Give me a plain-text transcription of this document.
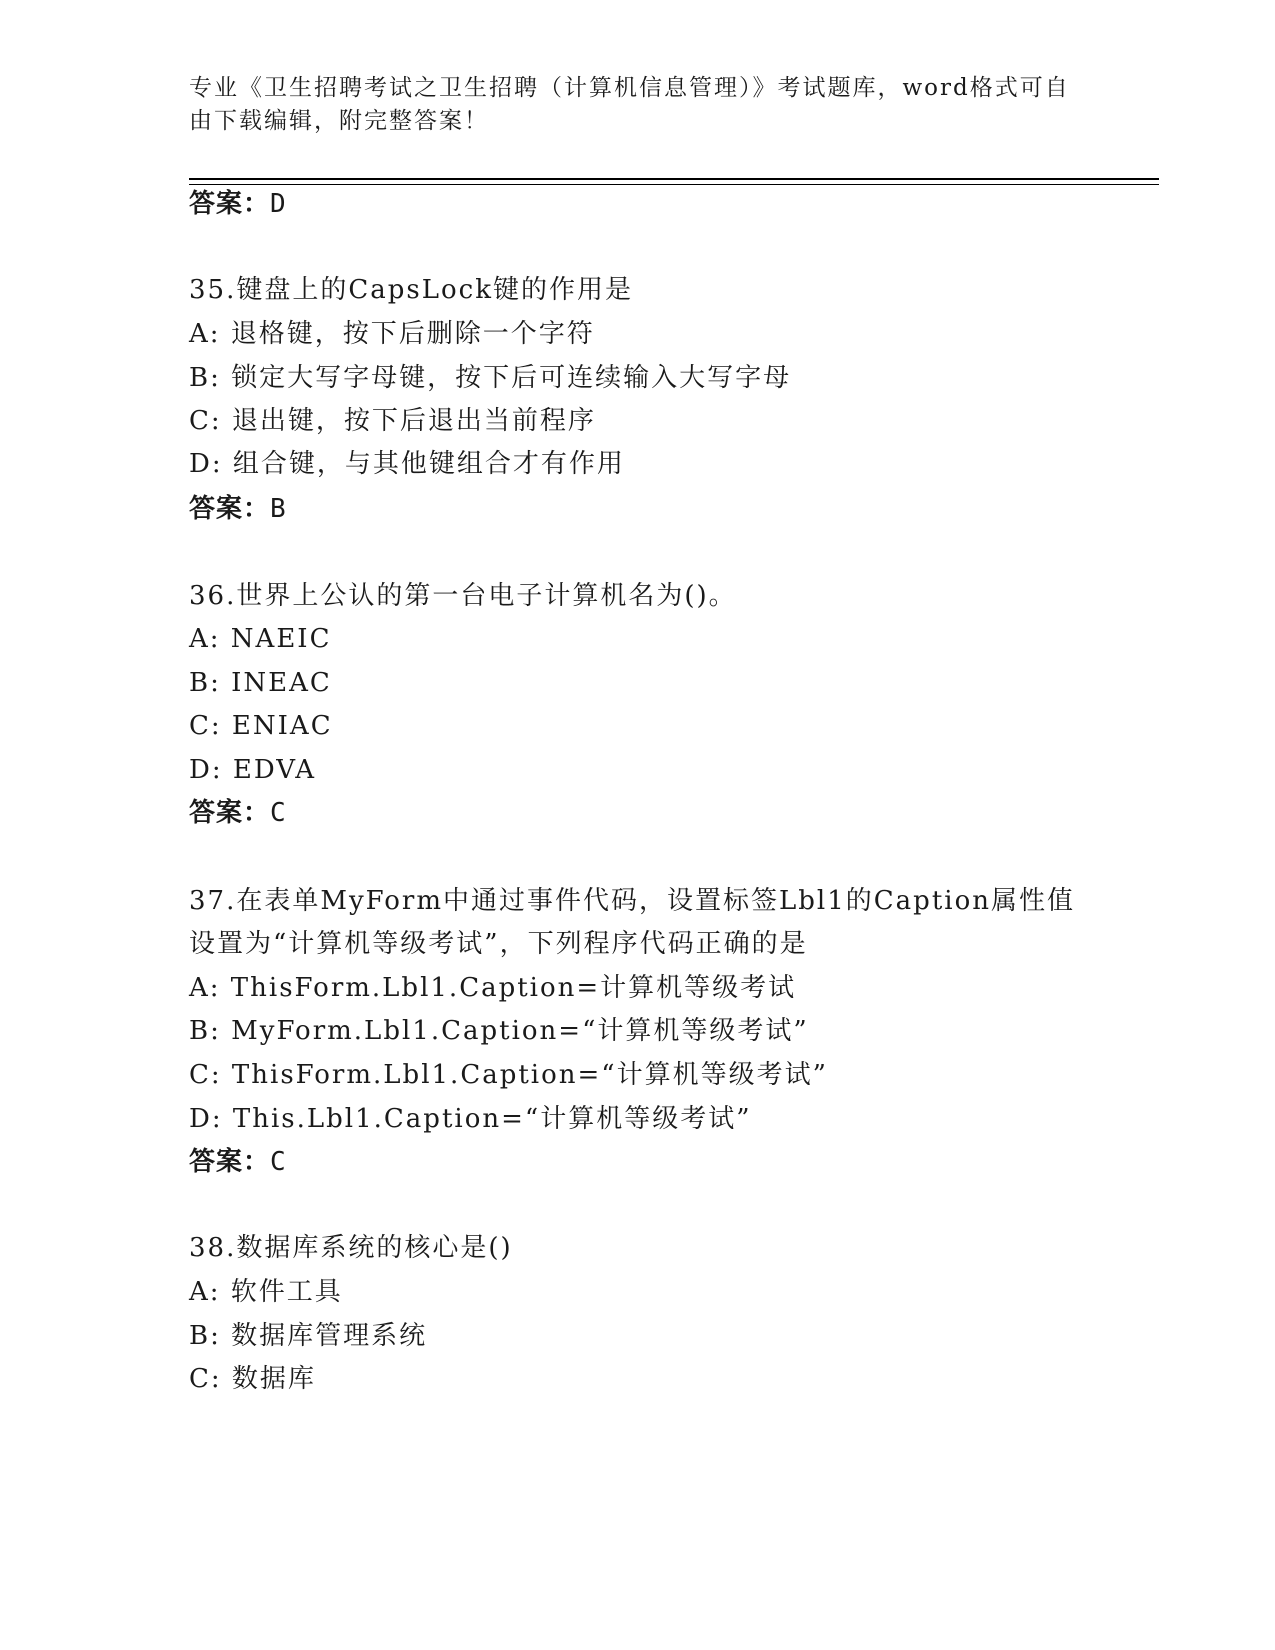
专业《卫生招聘考试之卫生招聘（计算机信息管理）》考试题库，word格式可自
由下载编辑，附完整答案！
答案：D
35.键盘上的CapsLock键的作用是
A: 退格键，按下后删除一个字符
B: 锁定大写字母键，按下后可连续输入大写字母
C: 退出键，按下后退出当前程序
D: 组合键，与其他键组合才有作用
答案：B
36.世界上公认的第一台电子计算机名为()。
A: NAEIC
B: INEAC
C: ENIAC
D: EDVA
答案：C
37.在表单MyForm中通过事件代码，设置标签Lbl1的Caption属性值
设置为“计算机等级考试”，下列程序代码正确的是
A: ThisForm.Lbl1.Caption=计算机等级考试
B: MyForm.Lbl1.Caption=“计算机等级考试”
C: ThisForm.Lbl1.Caption=“计算机等级考试”
D: This.Lbl1.Caption=“计算机等级考试”
答案：C
38.数据库系统的核心是()
A: 软件工具
B: 数据库管理系统
C: 数据库
